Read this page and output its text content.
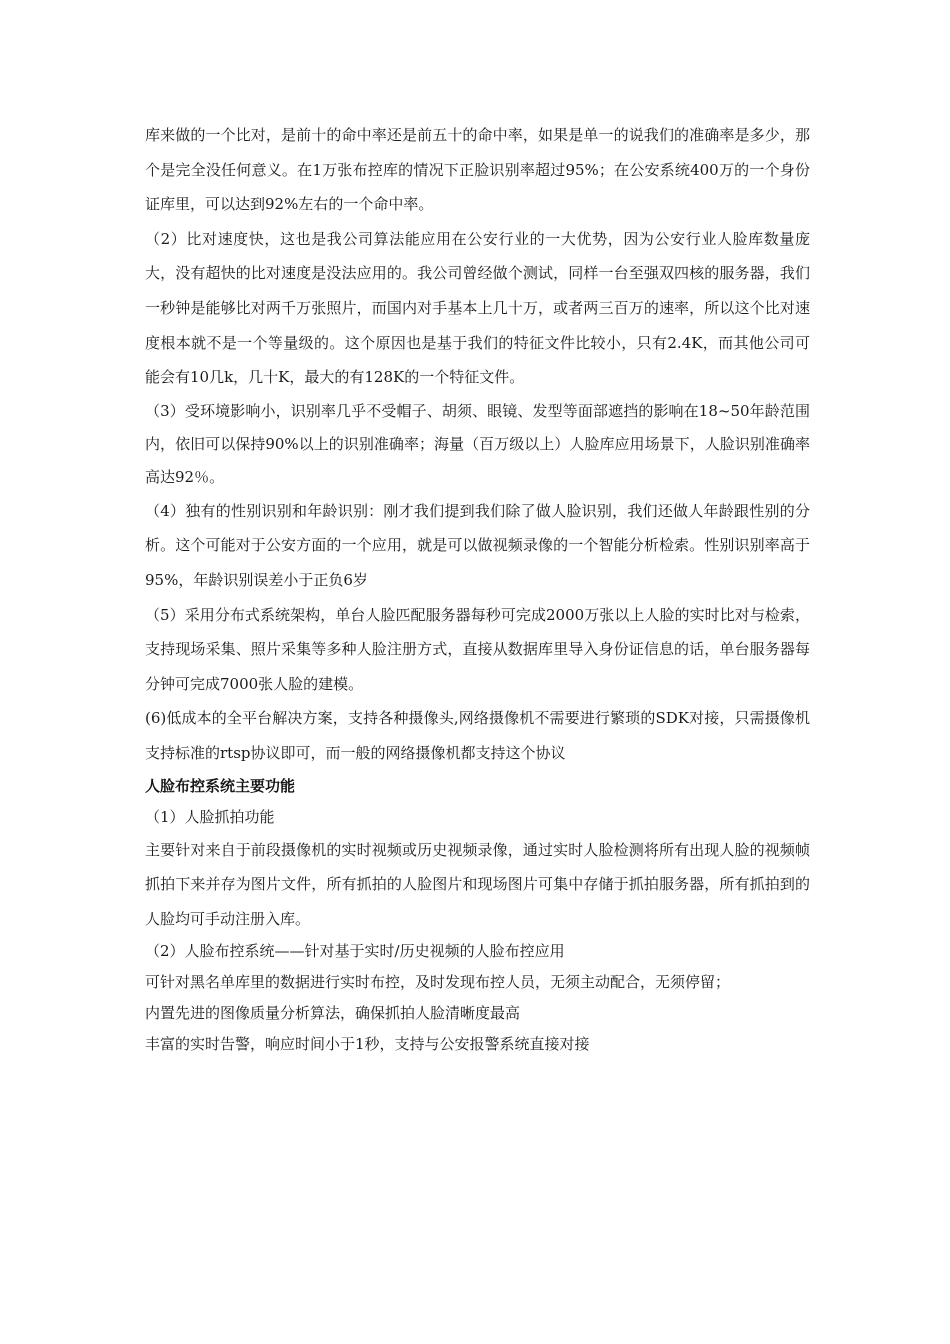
库来做的一个比对，是前十的命中率还是前五十的命中率，如果是单一的说我们的准确率是多少，那个是完全没任何意义。在1万张布控库的情况下正脸识别率超过95%；在公安系统400万的一个身份证库里，可以达到92%左右的一个命中率。

（2）比对速度快，这也是我公司算法能应用在公安行业的一大优势，因为公安行业人脸库数量庞大，没有超快的比对速度是没法应用的。我公司曾经做个测试，同样一台至强双四核的服务器，我们一秒钟是能够比对两千万张照片，而国内对手基本上几十万，或者两三百万的速率，所以这个比对速度根本就不是一个等量级的。这个原因也是基于我们的特征文件比较小，只有2.4K，而其他公司可能会有10几k，几十K，最大的有128K的一个特征文件。

（3）受环境影响小，识别率几乎不受帽子、胡须、眼镜、发型等面部遮挡的影响在18~50年龄范围内，依旧可以保持90%以上的识别准确率；海量（百万级以上）人脸库应用场景下，人脸识别准确率高达92％。

（4）独有的性别识别和年龄识别：刚才我们提到我们除了做人脸识别，我们还做人年龄跟性别的分析。这个可能对于公安方面的一个应用，就是可以做视频录像的一个智能分析检索。性别识别率高于95%，年龄识别误差小于正负6岁

（5）采用分布式系统架构，单台人脸匹配服务器每秒可完成2000万张以上人脸的实时比对与检索，支持现场采集、照片采集等多种人脸注册方式，直接从数据库里导入身份证信息的话，单台服务器每分钟可完成7000张人脸的建模。

(6)低成本的全平台解决方案，支持各种摄像头,网络摄像机不需要进行繁琐的SDK对接，只需摄像机支持标准的rtsp协议即可，而一般的网络摄像机都支持这个协议

人脸布控系统主要功能

（1）人脸抓拍功能

主要针对来自于前段摄像机的实时视频或历史视频录像，通过实时人脸检测将所有出现人脸的视频帧抓拍下来并存为图片文件，所有抓拍的人脸图片和现场图片可集中存储于抓拍服务器，所有抓拍到的人脸均可手动注册入库。

（2）人脸布控系统——针对基于实时/历史视频的人脸布控应用

可针对黑名单库里的数据进行实时布控，及时发现布控人员，无须主动配合，无须停留；

内置先进的图像质量分析算法，确保抓拍人脸清晰度最高

丰富的实时告警，响应时间小于1秒，支持与公安报警系统直接对接
